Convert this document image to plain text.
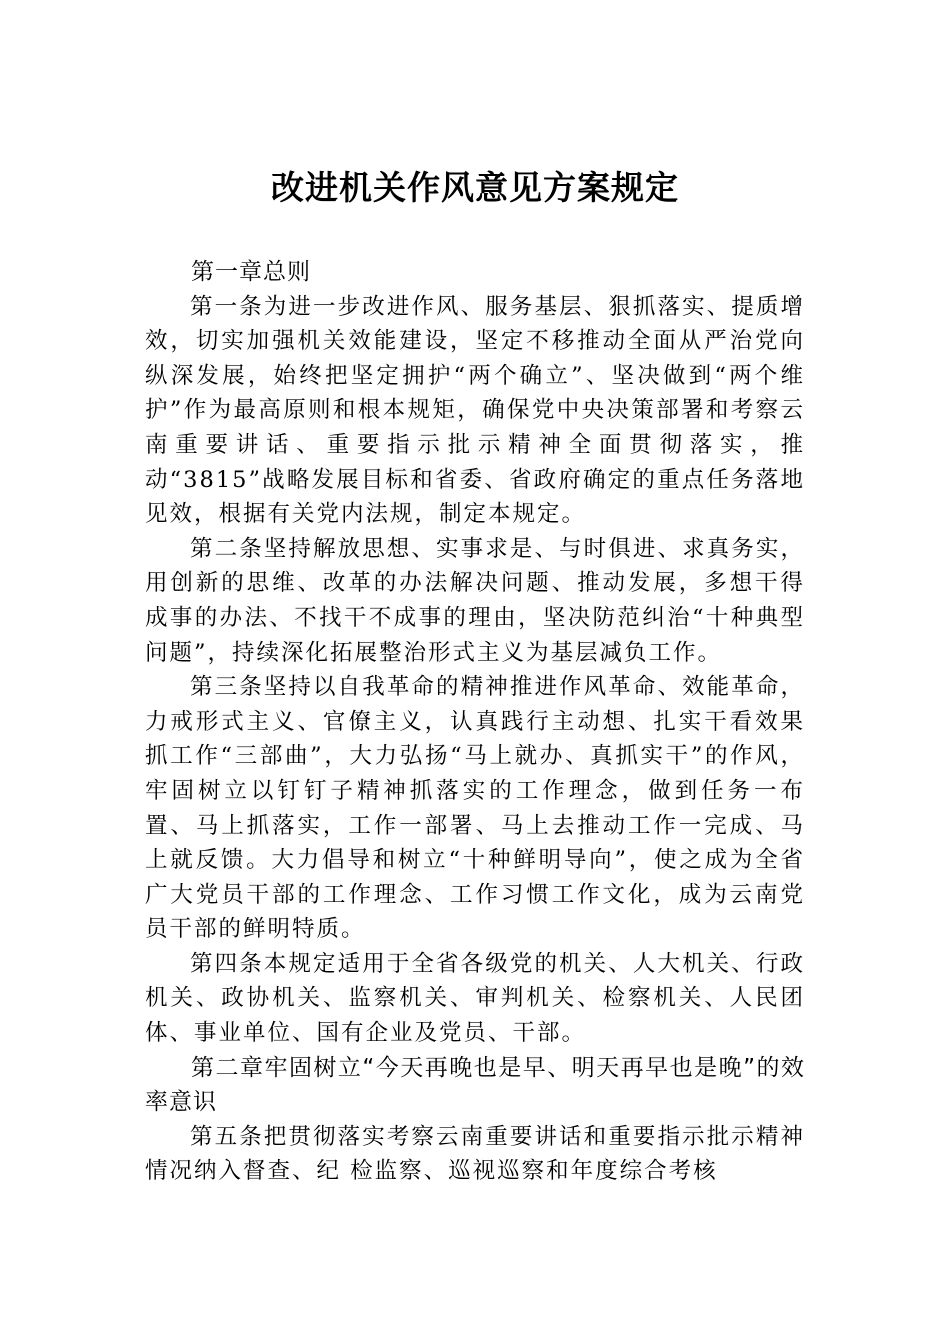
改进机关作风意见方案规定

第一章总则

第一条为进一步改进作风、服务基层、狠抓落实、提质增效，切实加强机关效能建设，坚定不移推动全面从严治党向纵深发展，始终把坚定拥护“两个确立”、坚决做到“两个维护”作为最高原则和根本规矩，确保党中央决策部署和考察云南重要讲话、重要指示批示精神全面贯彻落实，推动“3815”战略发展目标和省委、省政府确定的重点任务落地见效，根据有关党内法规，制定本规定。

第二条坚持解放思想、实事求是、与时俱进、求真务实，用创新的思维、改革的办法解决问题、推动发展，多想干得成事的办法、不找干不成事的理由，坚决防范纠治“十种典型问题”，持续深化拓展整治形式主义为基层减负工作。

第三条坚持以自我革命的精神推进作风革命、效能革命，力戒形式主义、官僚主义，认真践行主动想、扎实干看效果抓工作“三部曲”，大力弘扬“马上就办、真抓实干”的作风，牢固树立以钉钉子精神抓落实的工作理念，做到任务一布置、马上抓落实，工作一部署、马上去推动工作一完成、马上就反馈。大力倡导和树立“十种鲜明导向”，使之成为全省广大党员干部的工作理念、工作习惯工作文化，成为云南党员干部的鲜明特质。

第四条本规定适用于全省各级党的机关、人大机关、行政机关、政协机关、监察机关、审判机关、检察机关、人民团体、事业单位、国有企业及党员、干部。

第二章牢固树立“今天再晚也是早、明天再早也是晚”的效率意识

第五条把贯彻落实考察云南重要讲话和重要指示批示精神情况纳入督查、纪 检监察、巡视巡察和年度综合考核
